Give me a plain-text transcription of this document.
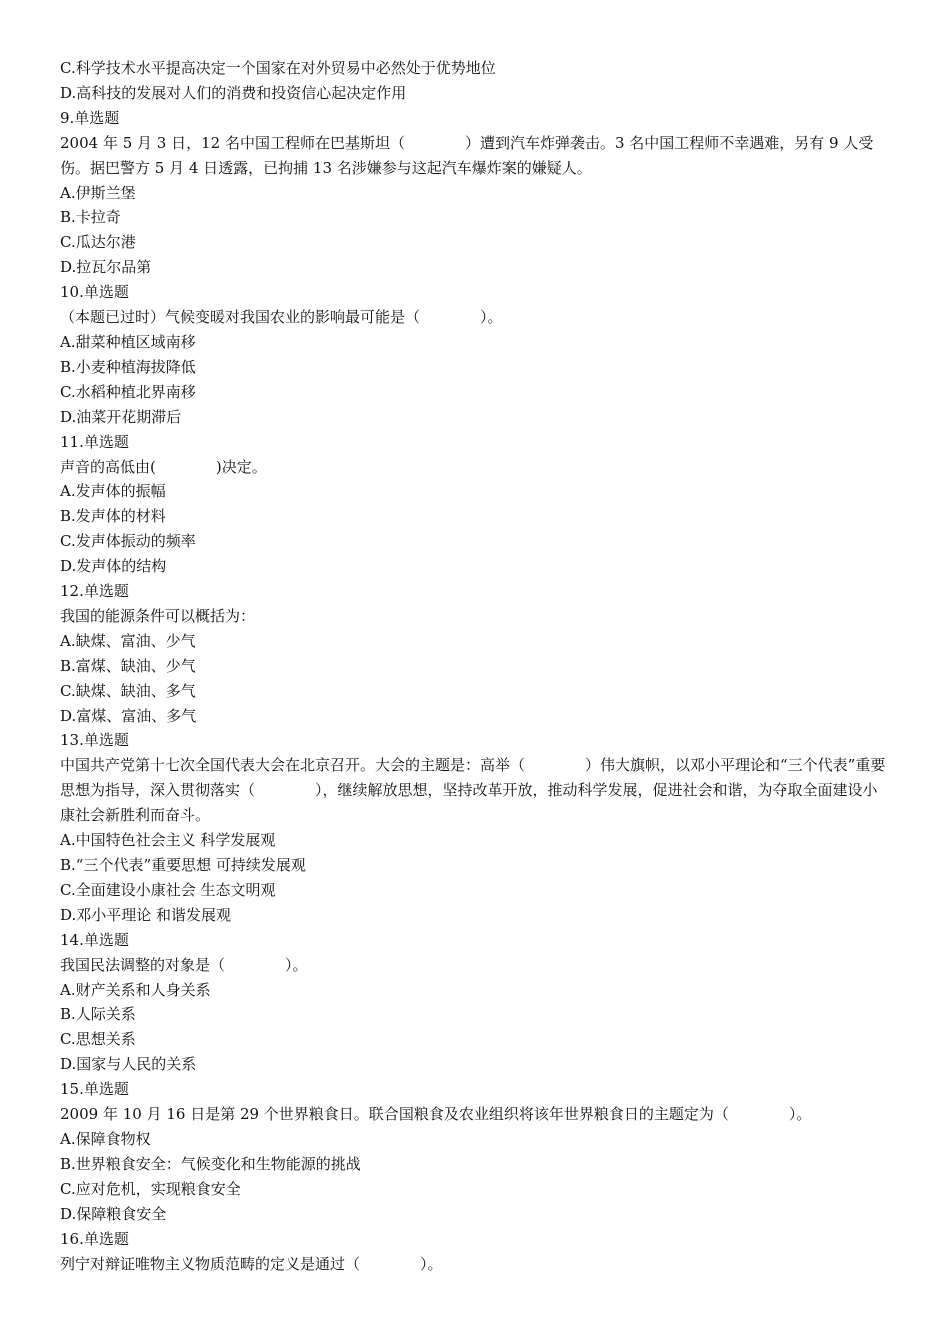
C.科学技术水平提高决定一个国家在对外贸易中必然处于优势地位
D.高科技的发展对人们的消费和投资信心起决定作用
9.单选题
2004 年 5 月 3 日，12 名中国工程师在巴基斯坦（　　　　）遭到汽车炸弹袭击。3 名中国工程师不幸遇难，另有 9 人受伤。据巴警方 5 月 4 日透露，已拘捕 13 名涉嫌参与这起汽车爆炸案的嫌疑人。
A.伊斯兰堡
B.卡拉奇
C.瓜达尔港
D.拉瓦尔品第
10.单选题
（本题已过时）气候变暖对我国农业的影响最可能是（　　　　）。
A.甜菜种植区域南移
B.小麦种植海拔降低
C.水稻种植北界南移
D.油菜开花期滞后
11.单选题
声音的高低由(　　　　)决定。
A.发声体的振幅
B.发声体的材料
C.发声体振动的频率
D.发声体的结构
12.单选题
我国的能源条件可以概括为：
A.缺煤、富油、少气
B.富煤、缺油、少气
C.缺煤、缺油、多气
D.富煤、富油、多气
13.单选题
中国共产党第十七次全国代表大会在北京召开。大会的主题是：高举（　　　　）伟大旗帜，以邓小平理论和“三个代表”重要思想为指导，深入贯彻落实（　　　　），继续解放思想，坚持改革开放，推动科学发展，促进社会和谐，为夺取全面建设小康社会新胜利而奋斗。
A.中国特色社会主义 科学发展观
B.“三个代表”重要思想 可持续发展观
C.全面建设小康社会 生态文明观
D.邓小平理论 和谐发展观
14.单选题
我国民法调整的对象是（　　　　）。
A.财产关系和人身关系
B.人际关系
C.思想关系
D.国家与人民的关系
15.单选题
2009 年 10 月 16 日是第 29 个世界粮食日。联合国粮食及农业组织将该年世界粮食日的主题定为（　　　　）。
A.保障食物权
B.世界粮食安全：气候变化和生物能源的挑战
C.应对危机，实现粮食安全
D.保障粮食安全
16.单选题
列宁对辩证唯物主义物质范畴的定义是通过（　　　　）。
